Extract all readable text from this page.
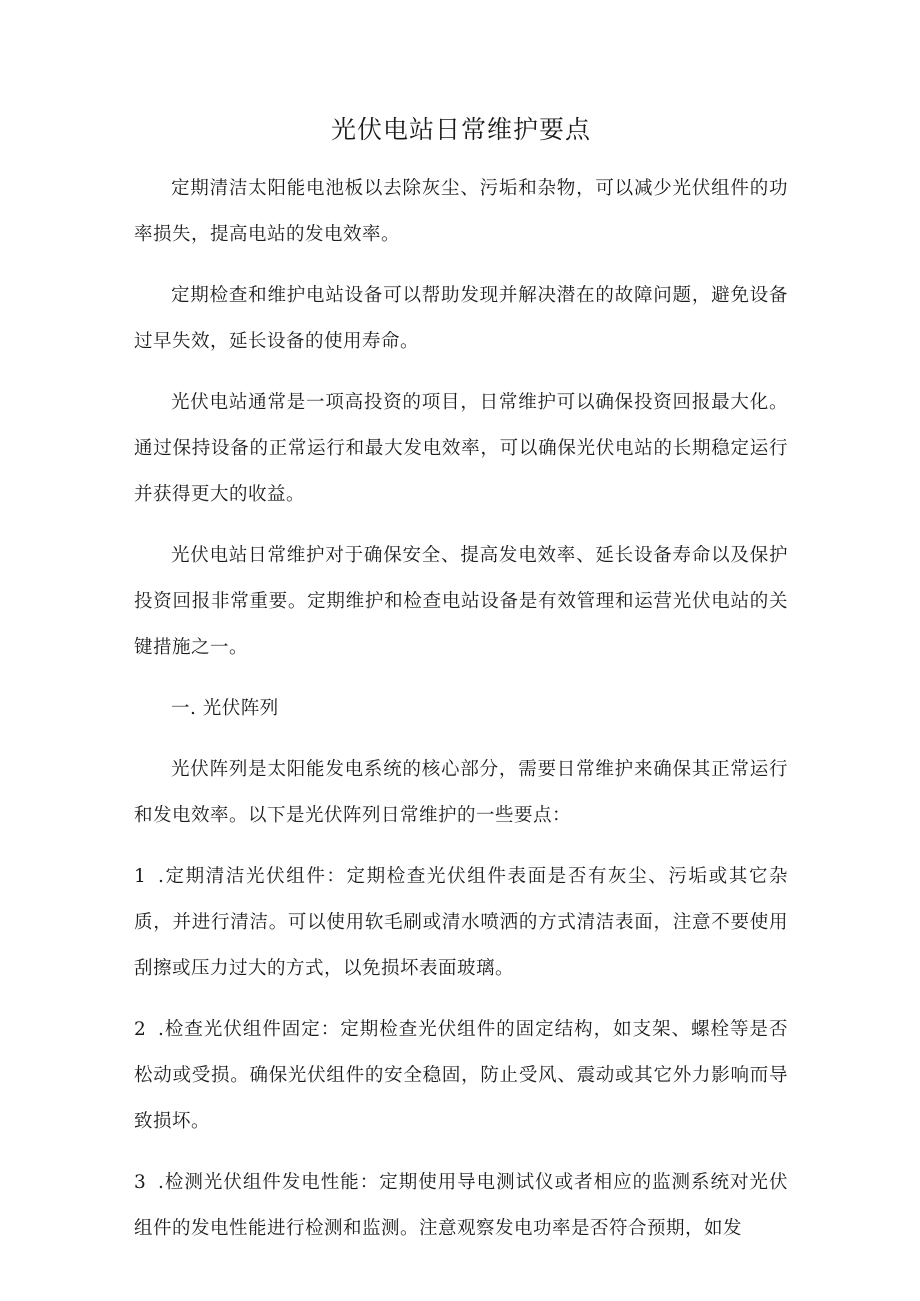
光伏电站日常维护要点

定期清洁太阳能电池板以去除灰尘、污垢和杂物，可以减少光伏组件的功率损失，提高电站的发电效率。

定期检查和维护电站设备可以帮助发现并解决潜在的故障问题，避免设备过早失效，延长设备的使用寿命。

光伏电站通常是一项高投资的项目，日常维护可以确保投资回报最大化。通过保持设备的正常运行和最大发电效率，可以确保光伏电站的长期稳定运行并获得更大的收益。

光伏电站日常维护对于确保安全、提高发电效率、延长设备寿命以及保护投资回报非常重要。定期维护和检查电站设备是有效管理和运营光伏电站的关键措施之一。

一. 光伏阵列

光伏阵列是太阳能发电系统的核心部分，需要日常维护来确保其正常运行和发电效率。以下是光伏阵列日常维护的一些要点：

1 .定期清洁光伏组件：定期检查光伏组件表面是否有灰尘、污垢或其它杂质，并进行清洁。可以使用软毛刷或清水喷洒的方式清洁表面，注意不要使用刮擦或压力过大的方式，以免损坏表面玻璃。

2 .检查光伏组件固定：定期检查光伏组件的固定结构，如支架、螺栓等是否松动或受损。确保光伏组件的安全稳固，防止受风、震动或其它外力影响而导致损坏。

3 .检测光伏组件发电性能：定期使用导电测试仪或者相应的监测系统对光伏组件的发电性能进行检测和监测。注意观察发电功率是否符合预期，如发
